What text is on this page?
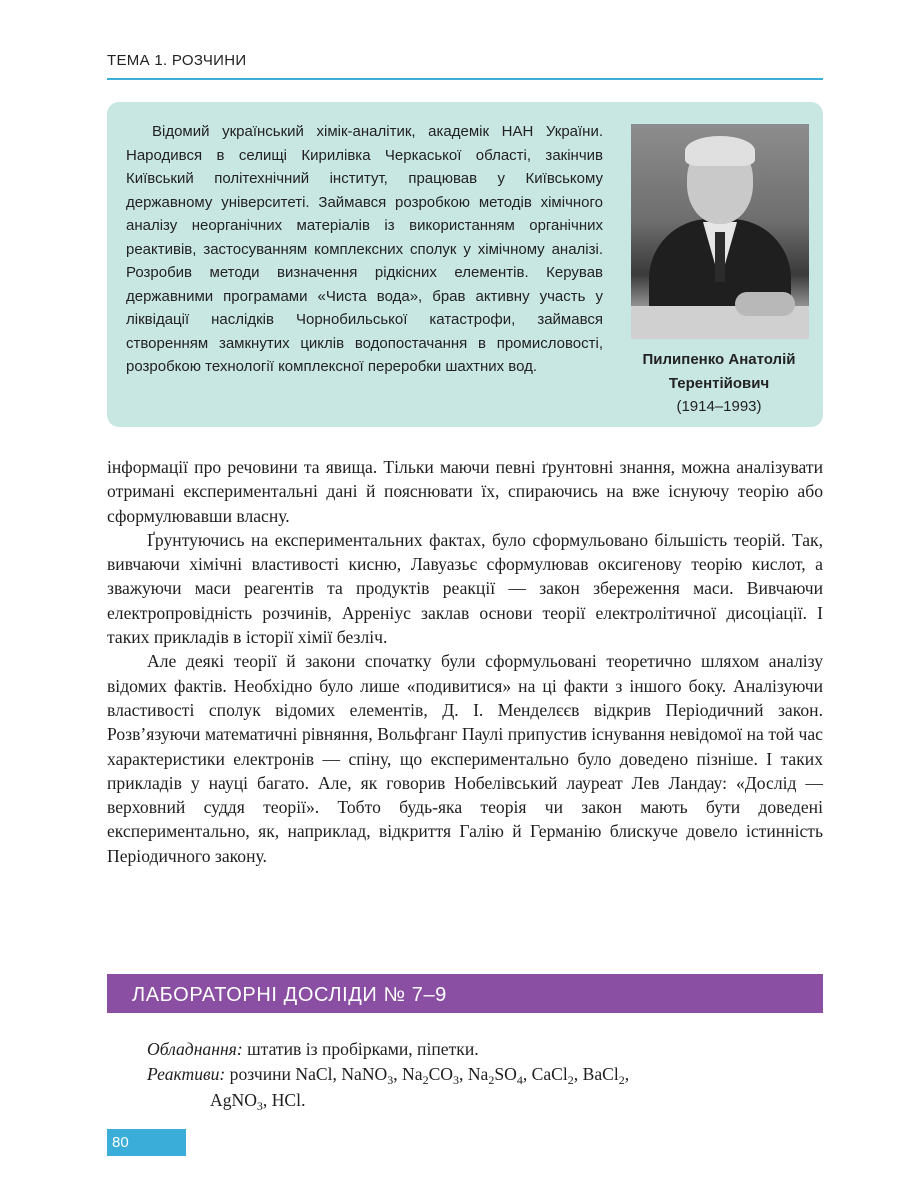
ТЕМА 1. РОЗЧИНИ
Відомий український хімік-аналітик, академік НАН України. Народився в селищі Кирилівка Черкаської області, закінчив Київський політехнічний інститут, працював у Київському державному університеті. Займався розробкою методів хімічного аналізу неорганічних матеріалів із використанням органічних реактивів, застосуванням комплексних сполук у хімічному аналізі. Розробив методи визначення рідкісних елементів. Керував державними програмами «Чиста вода», брав активну участь у ліквідації наслідків Чорнобильської катастрофи, займався створенням замкнутих циклів водопостачання в промисловості, розробкою технології комплексної переробки шахтних вод.	Пилипенко Анатолій Терентійович
(1914–1993)

інформації про речовини та явища. Тільки маючи певні ґрунтовні знання, можна аналізувати отримані експериментальні дані й пояснювати їх, спираючись на вже існуючу теорію або сформулювавши власну.

Ґрунтуючись на експериментальних фактах, було сформульовано більшість теорій. Так, вивчаючи хімічні властивості кисню, Лавуазьє сформулював оксигенову теорію кислот, а зважуючи маси реагентів та продуктів реакції — закон збереження маси. Вивчаючи електропровідність розчинів, Арреніус заклав основи теорії електролітичної дисоціації. І таких прикладів в історії хімії безліч.

Але деякі теорії й закони спочатку були сформульовані теоретично шляхом аналізу відомих фактів. Необхідно було лише «подивитися» на ці факти з іншого боку. Аналізуючи властивості сполук відомих елементів, Д. І. Менделєєв відкрив Періодичний закон. Розв’язуючи математичні рівняння, Вольфганг Паулі припустив існування невідомої на той час характеристики електронів — спіну, що експериментально було доведено пізніше. І таких прикладів у науці багато. Але, як говорив Нобелівський лауреат Лев Ландау: «Дослід — верховний суддя теорії». Тобто будь-яка теорія чи закон мають бути доведені експериментально, як, наприклад, відкриття Галію й Германію блискуче довело істинність Періодичного закону.

ЛАБОРАТОРНІ ДОСЛІДИ № 7–9
Обладнання: штатив із пробірками, піпетки.
Реактиви: розчини NaCl, NaNO$_3$, $Na_2CO_3$, $Na_2SO_4$, CaCl$_2$, BaCl$_2$,
AgNO$_3$, HCl.
80
